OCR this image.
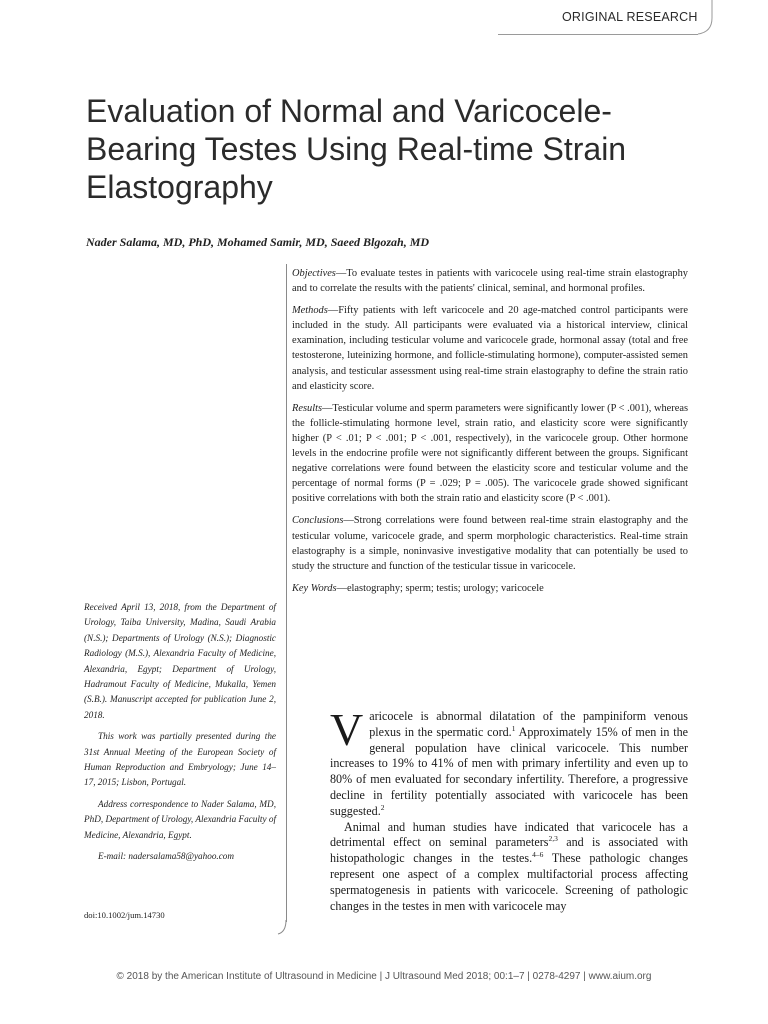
ORIGINAL RESEARCH
Evaluation of Normal and Varicocele-Bearing Testes Using Real-time Strain Elastography
Nader Salama, MD, PhD, Mohamed Samir, MD, Saeed Blgozah, MD

Objectives—To evaluate testes in patients with varicocele using real-time strain elastography and to correlate the results with the patients' clinical, seminal, and hormonal profiles.

Methods—Fifty patients with left varicocele and 20 age-matched control participants were included in the study. All participants were evaluated via a historical interview, clinical examination, including testicular volume and varicocele grade, hormonal assay (total and free testosterone, luteinizing hormone, and follicle-stimulating hormone), computer-assisted semen analysis, and testicular assessment using real-time strain elastography to define the strain ratio and elasticity score.

Results—Testicular volume and sperm parameters were significantly lower (P < .001), whereas the follicle-stimulating hormone level, strain ratio, and elasticity score were significantly higher (P < .01; P < .001; P < .001, respectively), in the varicocele group. Other hormone levels in the endocrine profile were not significantly different between the groups. Significant negative correlations were found between the elasticity score and testicular volume and the percentage of normal forms (P = .029; P = .005). The varicocele grade showed significant positive correlations with both the strain ratio and elasticity score (P < .001).

Conclusions—Strong correlations were found between real-time strain elastography and the testicular volume, varicocele grade, and sperm morphologic characteristics. Real-time strain elastography is a simple, noninvasive investigative modality that can potentially be used to study the structure and function of the testicular tissue in varicocele.

Key Words—elastography; sperm; testis; urology; varicocele

Received April 13, 2018, from the Department of Urology, Taiba University, Madina, Saudi Arabia (N.S.); Departments of Urology (N.S.); Diagnostic Radiology (M.S.), Alexandria Faculty of Medicine, Alexandria, Egypt; Department of Urology, Hadramout Faculty of Medicine, Mukalla, Yemen (S.B.). Manuscript accepted for publication June 2, 2018.

This work was partially presented during the 31st Annual Meeting of the European Society of Human Reproduction and Embryology; June 14–17, 2015; Lisbon, Portugal.

Address correspondence to Nader Salama, MD, PhD, Department of Urology, Alexandria Faculty of Medicine, Alexandria, Egypt.

E-mail: nadersalama58@yahoo.com

doi:10.1002/jum.14730

Varicocele is abnormal dilatation of the pampiniform venous plexus in the spermatic cord.$^1$ Approximately 15% of men in the general population have clinical varicocele. This number increases to 19% to 41% of men with primary infertility and even up to 80% of men evaluated for secondary infertility. Therefore, a progressive decline in fertility potentially associated with varicocele has been suggested.$^2$

Animal and human studies have indicated that varicocele has a detrimental effect on seminal parameters$^{2,3}$ and is associated with histopathologic changes in the testes.$^{4-6}$ These pathologic changes represent one aspect of a complex multifactorial process affecting spermatogenesis in patients with varicocele. Screening of pathologic changes in the testes in men with varicocele may

© 2018 by the American Institute of Ultrasound in Medicine | J Ultrasound Med 2018; 00:1–7 | 0278-4297 | www.aium.org
